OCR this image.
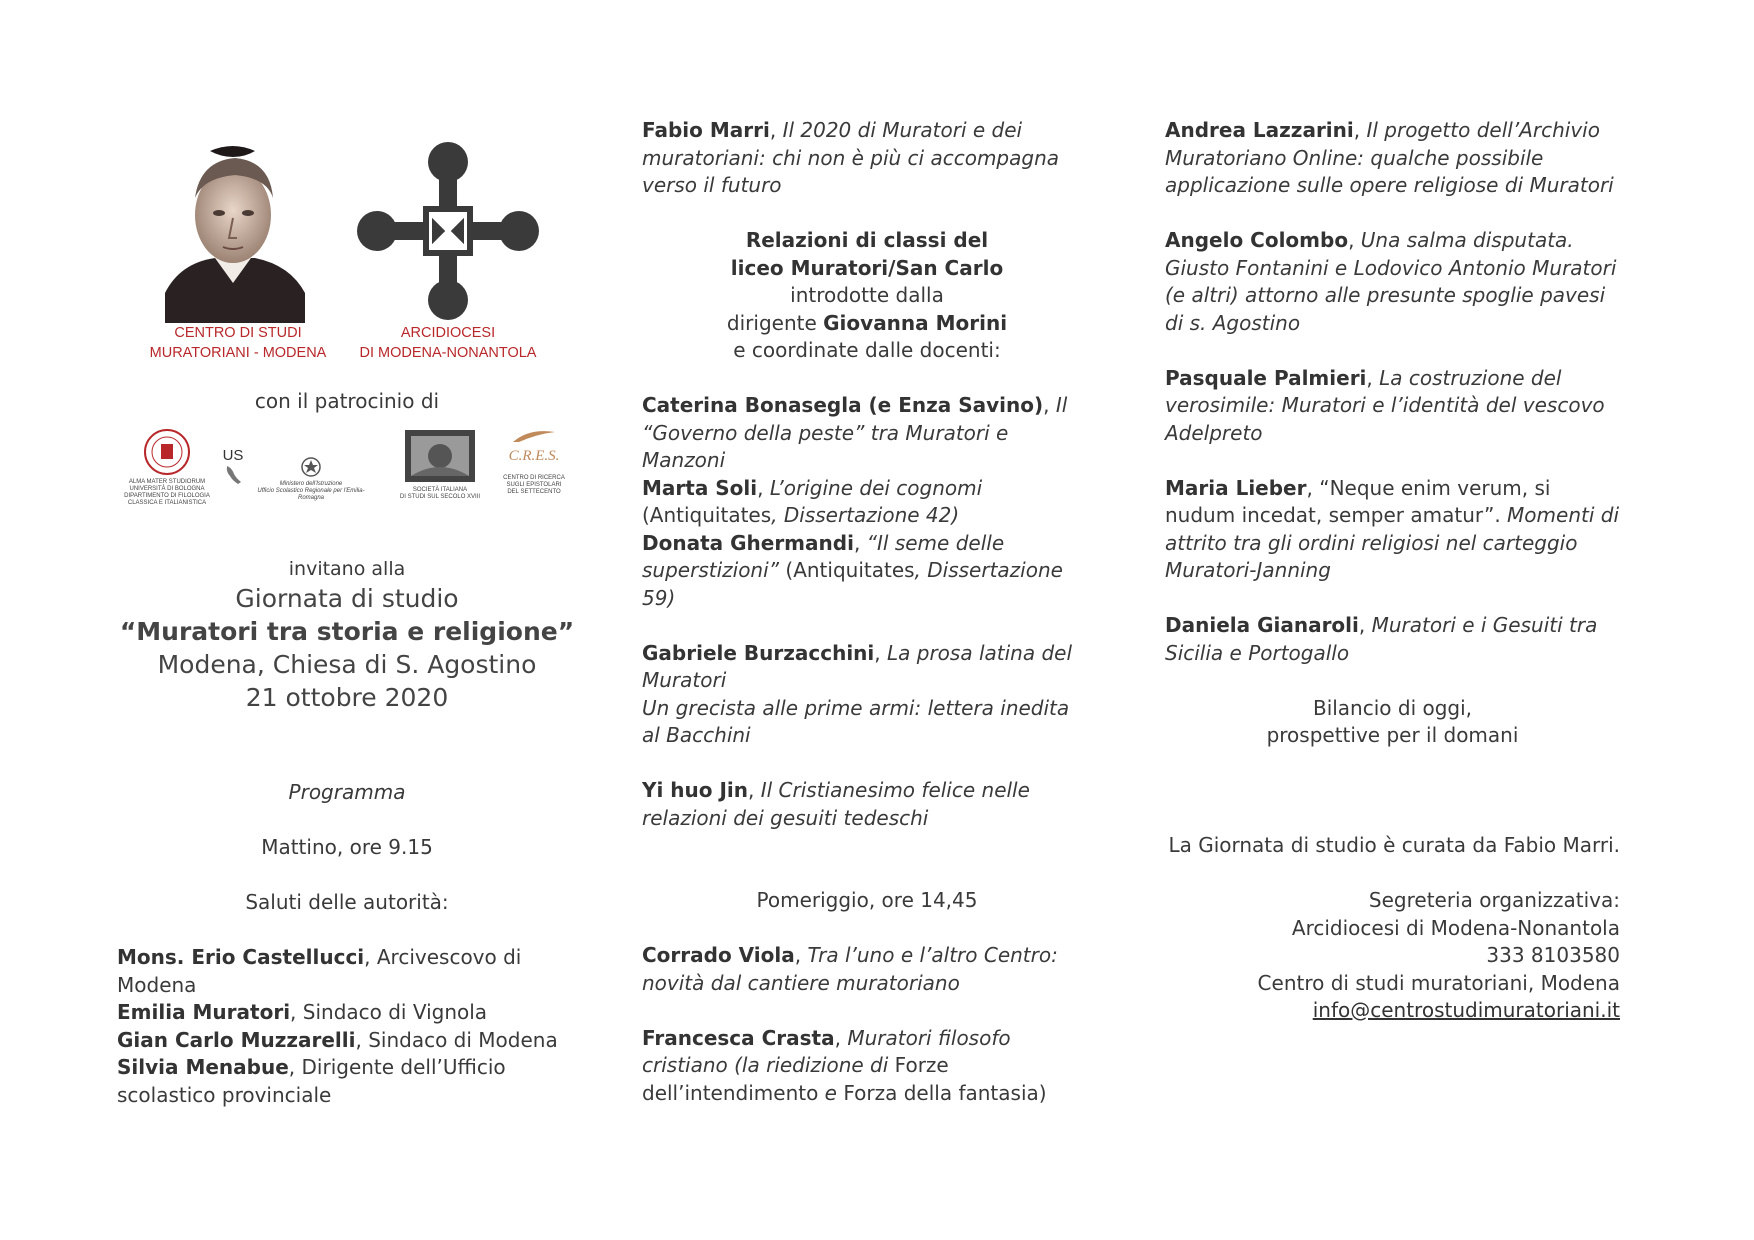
CENTRO DI STUDI
MURATORIANI - MODENA
ARCIDIOCESI
DI MODENA-NONANTOLA
con il patrocinio di
ALMA MATER STUDIORUM
UNIVERSITÀ DI BOLOGNA
DIPARTIMENTO DI FILOLOGIA
CLASSICA E ITALIANISTICA
US
Ministero dell'Istruzione
Ufficio Scolastico Regionale per l'Emilia-Romagna
SOCIETÀ ITALIANA
DI STUDI SUL SECOLO XVIII
C.R.E.S.
CENTRO DI RICERCA
SUGLI EPISTOLARI
DEL SETTECENTO
invitano alla
Giornata di studio
“Muratori tra storia e religione”
Modena, Chiesa di S. Agostino
21 ottobre 2020
Programma
Mattino, ore 9.15
Saluti delle autorità:
Mons. Erio Castellucci, Arcivescovo di Modena
Emilia Muratori, Sindaco di Vignola
Gian Carlo Muzzarelli, Sindaco di Modena
Silvia Menabue, Dirigente dell’Ufficio scolastico provinciale
Fabio Marri, Il 2020 di Muratori e dei muratoriani: chi non è più ci accompagna verso il futuro
Relazioni di classi del
liceo Muratori/San Carlo
introdotte dalla
dirigente Giovanna Morini
e coordinate dalle docenti:
Caterina Bonasegla (e Enza Savino), Il “Governo della peste” tra Muratori e Manzoni
Marta Soli, L’origine dei cognomi (Antiquitates, Dissertazione 42)
Donata Ghermandi, “Il seme delle superstizioni” (Antiquitates, Dissertazione 59)
Gabriele Burzacchini, La prosa latina del Muratori
Un grecista alle prime armi: lettera inedita al Bacchini
Yi huo Jin, Il Cristianesimo felice nelle relazioni dei gesuiti tedeschi
Pomeriggio, ore 14,45
Corrado Viola, Tra l’uno e l’altro Centro: novità dal cantiere muratoriano
Francesca Crasta, Muratori filosofo cristiano (la riedizione di Forze dell’intendimento e Forza della fantasia)
Andrea Lazzarini, Il progetto dell’Archivio Muratoriano Online: qualche possibile applicazione sulle opere religiose di Muratori
Angelo Colombo, Una salma disputata. Giusto Fontanini e Lodovico Antonio Muratori (e altri) attorno alle presunte spoglie pavesi di s. Agostino
Pasquale Palmieri, La costruzione del verosimile: Muratori e l’identità del vescovo Adelpreto
Maria Lieber, “Neque enim verum, si nudum incedat, semper amatur”. Momenti di attrito tra gli ordini religiosi nel carteggio Muratori-Janning
Daniela Gianaroli, Muratori e i Gesuiti tra Sicilia e Portogallo
Bilancio di oggi,
prospettive per il domani
La Giornata di studio è curata da Fabio Marri.
Segreteria organizzativa:
Arcidiocesi di Modena-Nonantola
333 8103580
Centro di studi muratoriani, Modena
info@centrostudimuratoriani.it
